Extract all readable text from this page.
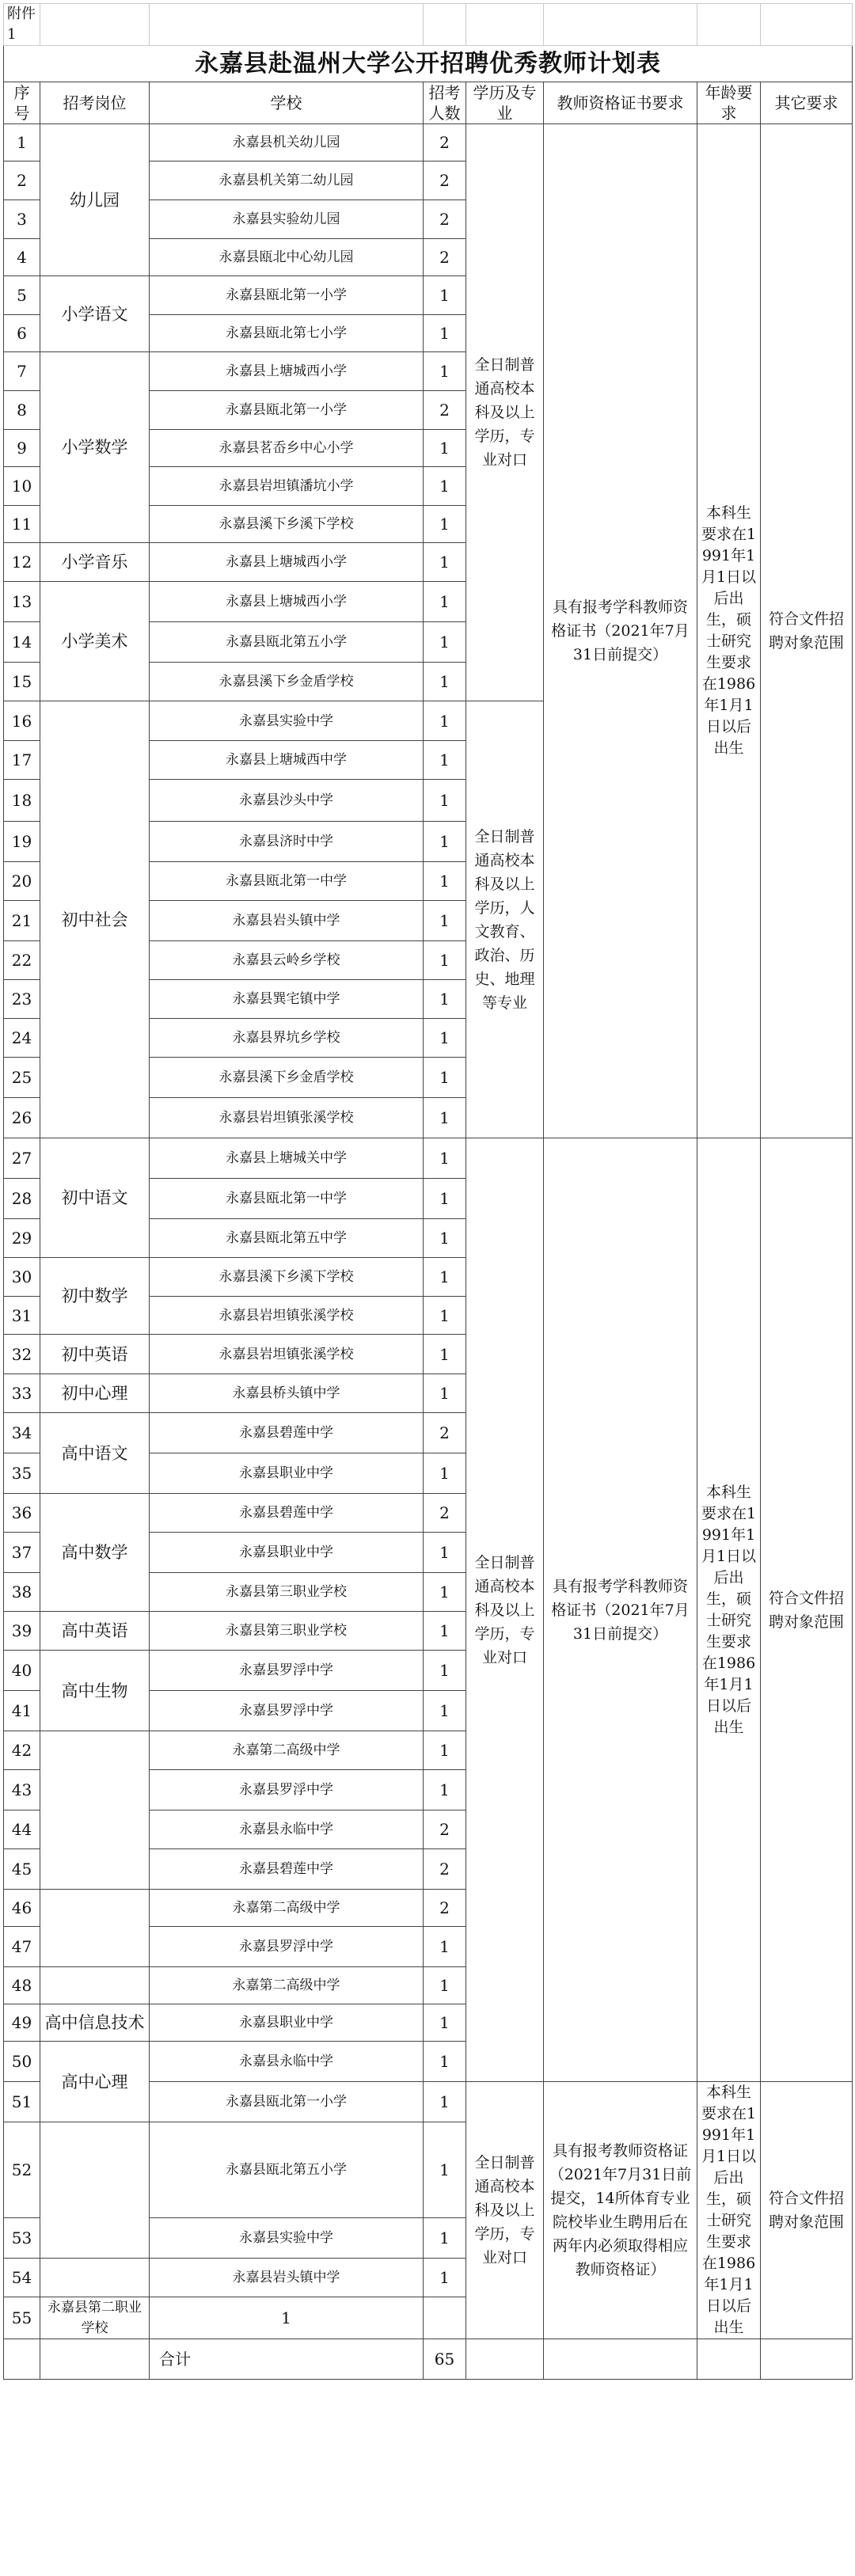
附件1							
永嘉县赴温州大学公开招聘优秀教师计划表							
序号	招考岗位	学校	招考人数	学历及专业	教师资格证书要求	年龄要求	其它要求
1	幼儿园	永嘉县机关幼儿园	2	全日制普通高校本科及以上学历，专业对口	具有报考学科教师资格证书（2021年7月31日前提交）	本科生要求在1991年1月1日以后出生，硕士研究生要求在1986年1月1日以后出生	符合文件招聘对象范围
2		永嘉县机关第二幼儿园	2				
3		永嘉县实验幼儿园	2				
4		永嘉县瓯北中心幼儿园	2				
5	小学语文	永嘉县瓯北第一小学	1				
6		永嘉县瓯北第七小学	1				
7	小学数学	永嘉县上塘城西小学	1				
8		永嘉县瓯北第一小学	2				
9		永嘉县茗岙乡中心小学	1				
10		永嘉县岩坦镇潘坑小学	1				
11		永嘉县溪下乡溪下学校	1				
12	小学音乐	永嘉县上塘城西小学	1				
13	小学美术	永嘉县上塘城西小学	1				
14		永嘉县瓯北第五小学	1				
15		永嘉县溪下乡金盾学校	1				
16	初中社会	永嘉县实验中学	1	全日制普通高校本科及以上学历，人文教育、政治、历史、地理等专业			
17		永嘉县上塘城西中学	1				
18		永嘉县沙头中学	1				
19		永嘉县济时中学	1				
20		永嘉县瓯北第一中学	1				
21		永嘉县岩头镇中学	1				
22		永嘉县云岭乡学校	1				
23		永嘉县巽宅镇中学	1				
24		永嘉县界坑乡学校	1				
25		永嘉县溪下乡金盾学校	1				
26		永嘉县岩坦镇张溪学校	1				
27	初中语文	永嘉县上塘城关中学	1	全日制普通高校本科及以上学历，专业对口	具有报考学科教师资格证书（2021年7月31日前提交）	本科生要求在1991年1月1日以后出生，硕士研究生要求在1986年1月1日以后出生	符合文件招聘对象范围
28		永嘉县瓯北第一中学	1				
29		永嘉县瓯北第五中学	1				
30	初中数学	永嘉县溪下乡溪下学校	1				
31		永嘉县岩坦镇张溪学校	1				
32	初中英语	永嘉县岩坦镇张溪学校	1				
33	初中心理	永嘉县桥头镇中学	1				
34	高中语文	永嘉县碧莲中学	2				
35		永嘉县职业中学	1				
36	高中数学	永嘉县碧莲中学	2				
37		永嘉县职业中学	1				
38		永嘉县第三职业学校	1				
39	高中英语	永嘉县第三职业学校	1				
40	高中生物	永嘉县罗浮中学	1				
41		永嘉县罗浮中学	1				
42		永嘉第二高级中学	1				
43		永嘉县罗浮中学	1				
44		永嘉县永临中学	2				
45		永嘉县碧莲中学	2				
46		永嘉第二高级中学	2				
47		永嘉县罗浮中学	1				
48		永嘉第二高级中学	1				
49	高中信息技术	永嘉县职业中学	1				
50	高中心理	永嘉县永临中学	1				
51		永嘉县瓯北第一小学	1	全日制普通高校本科及以上学历，专业对口	具有报考教师资格证（2021年7月31日前提交，14所体育专业院校毕业生聘用后在两年内必须取得相应教师资格证）	本科生要求在1991年1月1日以后出生，硕士研究生要求在1986年1月1日以后出生	符合文件招聘对象范围
52		永嘉县瓯北第五小学	1				
53		永嘉县实验中学	1				
54		永嘉县岩头镇中学	1				
55	永嘉县第二职业学校	1					
		合计	65				
